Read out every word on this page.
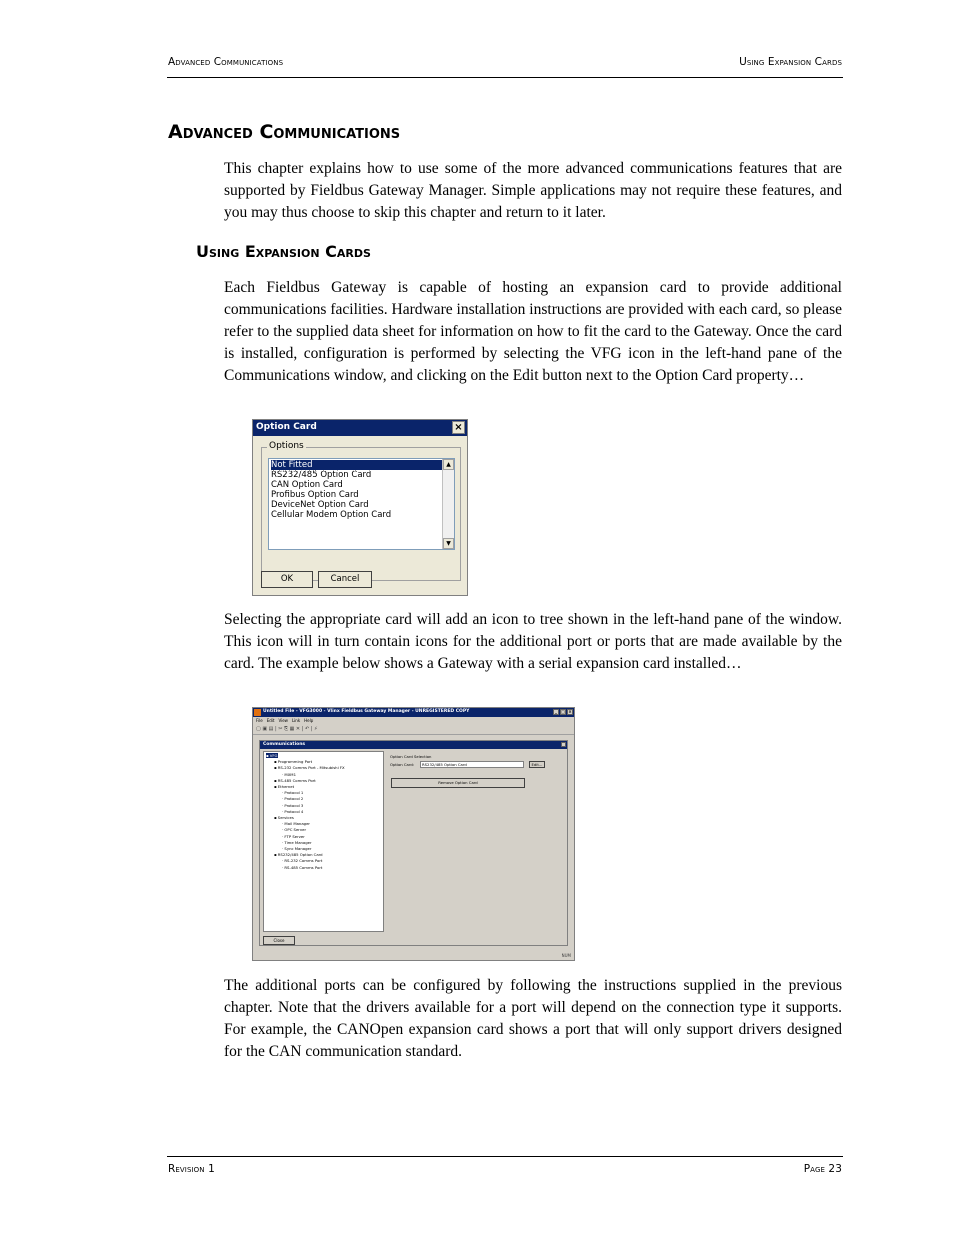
Advanced Communications	Using Expansion Cards
Advanced Communications

This chapter explains how to use some of the more advanced communications features that are supported by Fieldbus Gateway Manager. Simple applications may not require these features, and you may thus choose to skip this chapter and return to it later.

Using Expansion Cards

Each Fieldbus Gateway is capable of hosting an expansion card to provide additional communications facilities. Hardware installation instructions are provided with each card, so please refer to the supplied data sheet for information on how to fit the card to the Gateway. Once the card is installed, configuration is performed by selecting the VFG icon in the left-hand pane of the Communications window, and clicking on the Edit button next to the Option Card property…

Option Card	×
Options
Not Fitted
RS232/485 Option Card
CAN Option Card
Profibus Option Card
DeviceNet Option Card
Cellular Modem Option Card
▲
▼
OK	Cancel

Selecting the appropriate card will add an icon to tree shown in the left-hand pane of the window. This icon will in turn contain icons for the additional port or ports that are made available by the card. The example below shows a Gateway with a serial expansion card installed…

Untitled File - VFG3000 - Vlinx Fieldbus Gateway Manager - UNREGISTERED COPY	_ □ ×
File Edit View Link Help
▢ ▣ ▤ | ✂ ⎘ ▦ ✕ | ↶ | ⚡
Communications
▪ VFG
▪ Programming Port
▪ RS-232 Comms Port - Mitsubishi FX
· MXM1
▪ RS-485 Comms Port
▪ Ethernet
· Protocol 1
· Protocol 2
· Protocol 3
· Protocol 4
▪ Services
· Mail Manager
· OPC Server
· FTP Server
· Time Manager
· Sync Manager
▪ RS232/485 Option Card
· RS-232 Comms Port
· RS-485 Comms Port
Option Card Selection
Option Card:	RS232/485 Option Card	Edit...
Remove Option Card
Close
NUM

The additional ports can be configured by following the instructions supplied in the previous chapter. Note that the drivers available for a port will depend on the connection type it supports. For example, the CANOpen expansion card shows a port that will only support drivers designed for the CAN communication standard.

Revision 1	Page 23
